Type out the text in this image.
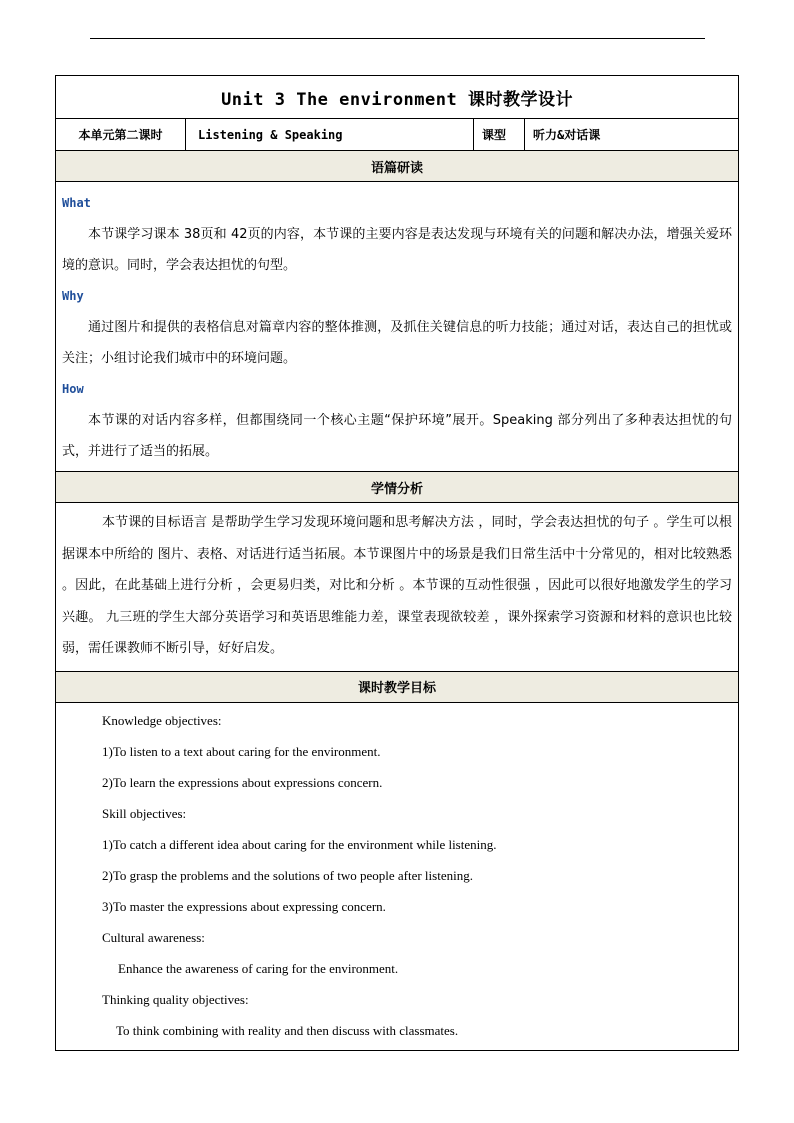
Unit 3 The environment 课时教学设计
本单元第二课时	Listening & Speaking	课型	听力&对话课
语篇研读

What
本节课学习课本 38页和 42页的内容，本节课的主要内容是表达发现与环境有关的问题和解决办法，增强关爱环境的意识。同时，学会表达担忧的句型。
Why
通过图片和提供的表格信息对篇章内容的整体推测，及抓住关键信息的听力技能；通过对话，表达自己的担忧或关注；小组讨论我们城市中的环境问题。
How
本节课的对话内容多样，但都围绕同一个核心主题“保护环境”展开。Speaking 部分列出了多种表达担忧的句式，并进行了适当的拓展。

学情分析

本节课的目标语言 是帮助学生学习发现环境问题和思考解决方法 ，同时，学会表达担忧的句子 。学生可以根据课本中所给的 图片、表格、对话进行适当拓展。本节课图片中的场景是我们日常生活中十分常见的，相对比较熟悉 。因此，在此基础上进行分析 ，会更易归类，对比和分析 。本节课的互动性很强 ，因此可以很好地激发学生的学习兴趣。 九三班的学生大部分英语学习和英语思维能力差，课堂表现欲较差 ，课外探索学习资源和材料的意识也比较弱，需任课教师不断引导，好好启发。

课时教学目标

Knowledge objectives:
1)To listen to a text about caring for the environment.
2)To learn the expressions about expressions concern.
Skill objectives:
1)To catch a different idea about caring for the environment while listening.
2)To grasp the problems and the solutions of two people after listening.
3)To master the expressions about expressing concern.
Cultural awareness:
Enhance the awareness of caring for the environment.
Thinking quality objectives:
To think combining with reality and then discuss with classmates.
